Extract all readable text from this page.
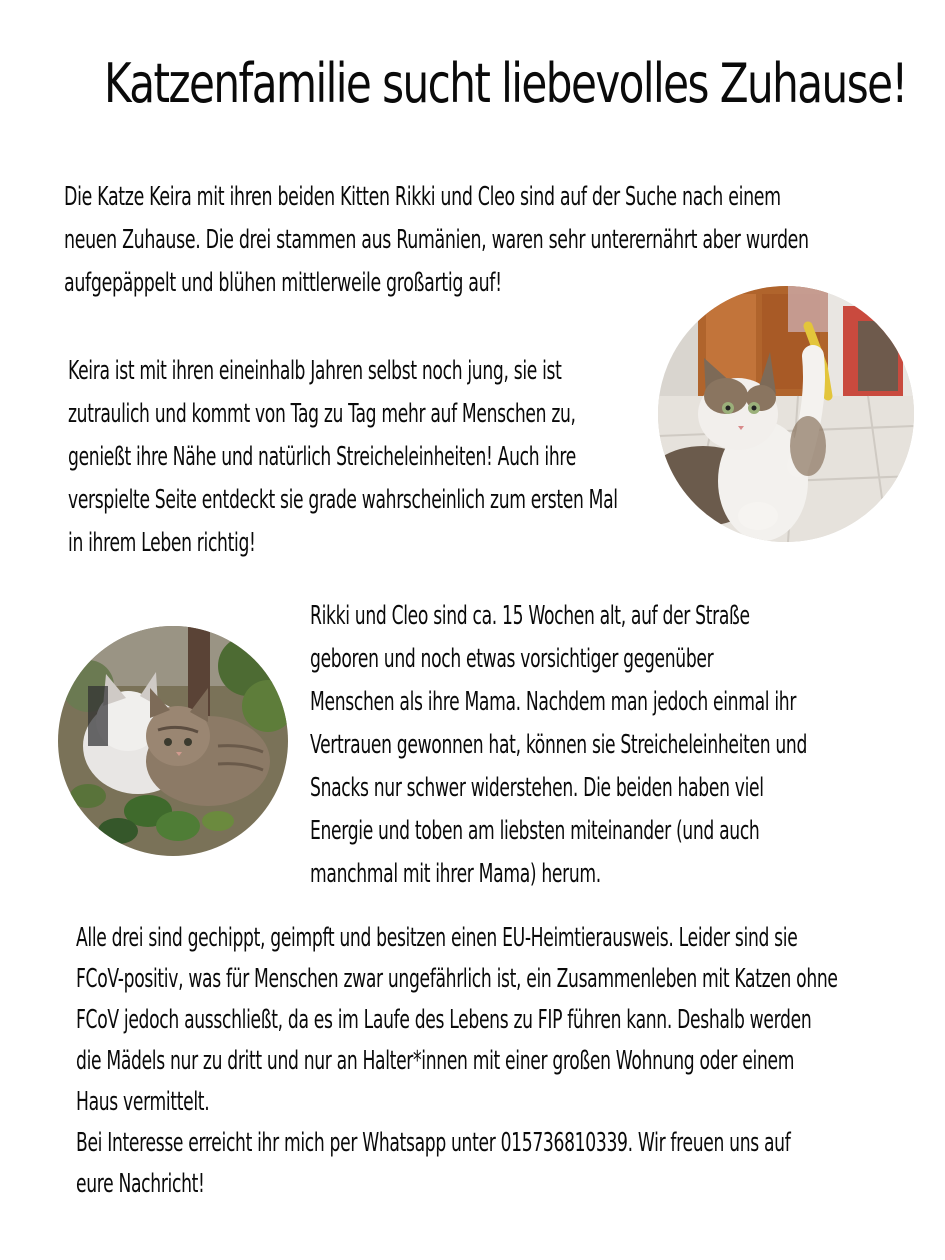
Katzenfamilie sucht liebevolles Zuhause!
Die Katze Keira mit ihren beiden Kitten Rikki und Cleo sind auf der Suche nach einem
neuen Zuhause. Die drei stammen aus Rumänien, waren sehr unterernährt aber wurden
aufgepäppelt und blühen mittlerweile großartig auf!
Keira ist mit ihren eineinhalb Jahren selbst noch jung, sie ist
zutraulich und kommt von Tag zu Tag mehr auf Menschen zu,
genießt ihre Nähe und natürlich Streicheleinheiten! Auch ihre
verspielte Seite entdeckt sie grade wahrscheinlich zum ersten Mal
in ihrem Leben richtig!
Rikki und Cleo sind ca. 15 Wochen alt, auf der Straße
geboren und noch etwas vorsichtiger gegenüber
Menschen als ihre Mama. Nachdem man jedoch einmal ihr
Vertrauen gewonnen hat, können sie Streicheleinheiten und
Snacks nur schwer widerstehen. Die beiden haben viel
Energie und toben am liebsten miteinander (und auch
manchmal mit ihrer Mama) herum.
Alle drei sind gechippt, geimpft und besitzen einen EU-Heimtierausweis. Leider sind sie
FCoV-positiv, was für Menschen zwar ungefährlich ist, ein Zusammenleben mit Katzen ohne
FCoV jedoch ausschließt, da es im Laufe des Lebens zu FIP führen kann. Deshalb werden
die Mädels nur zu dritt und nur an Halter*innen mit einer großen Wohnung oder einem
Haus vermittelt.
Bei Interesse erreicht ihr mich per Whatsapp unter 015736810339. Wir freuen uns auf
eure Nachricht!
